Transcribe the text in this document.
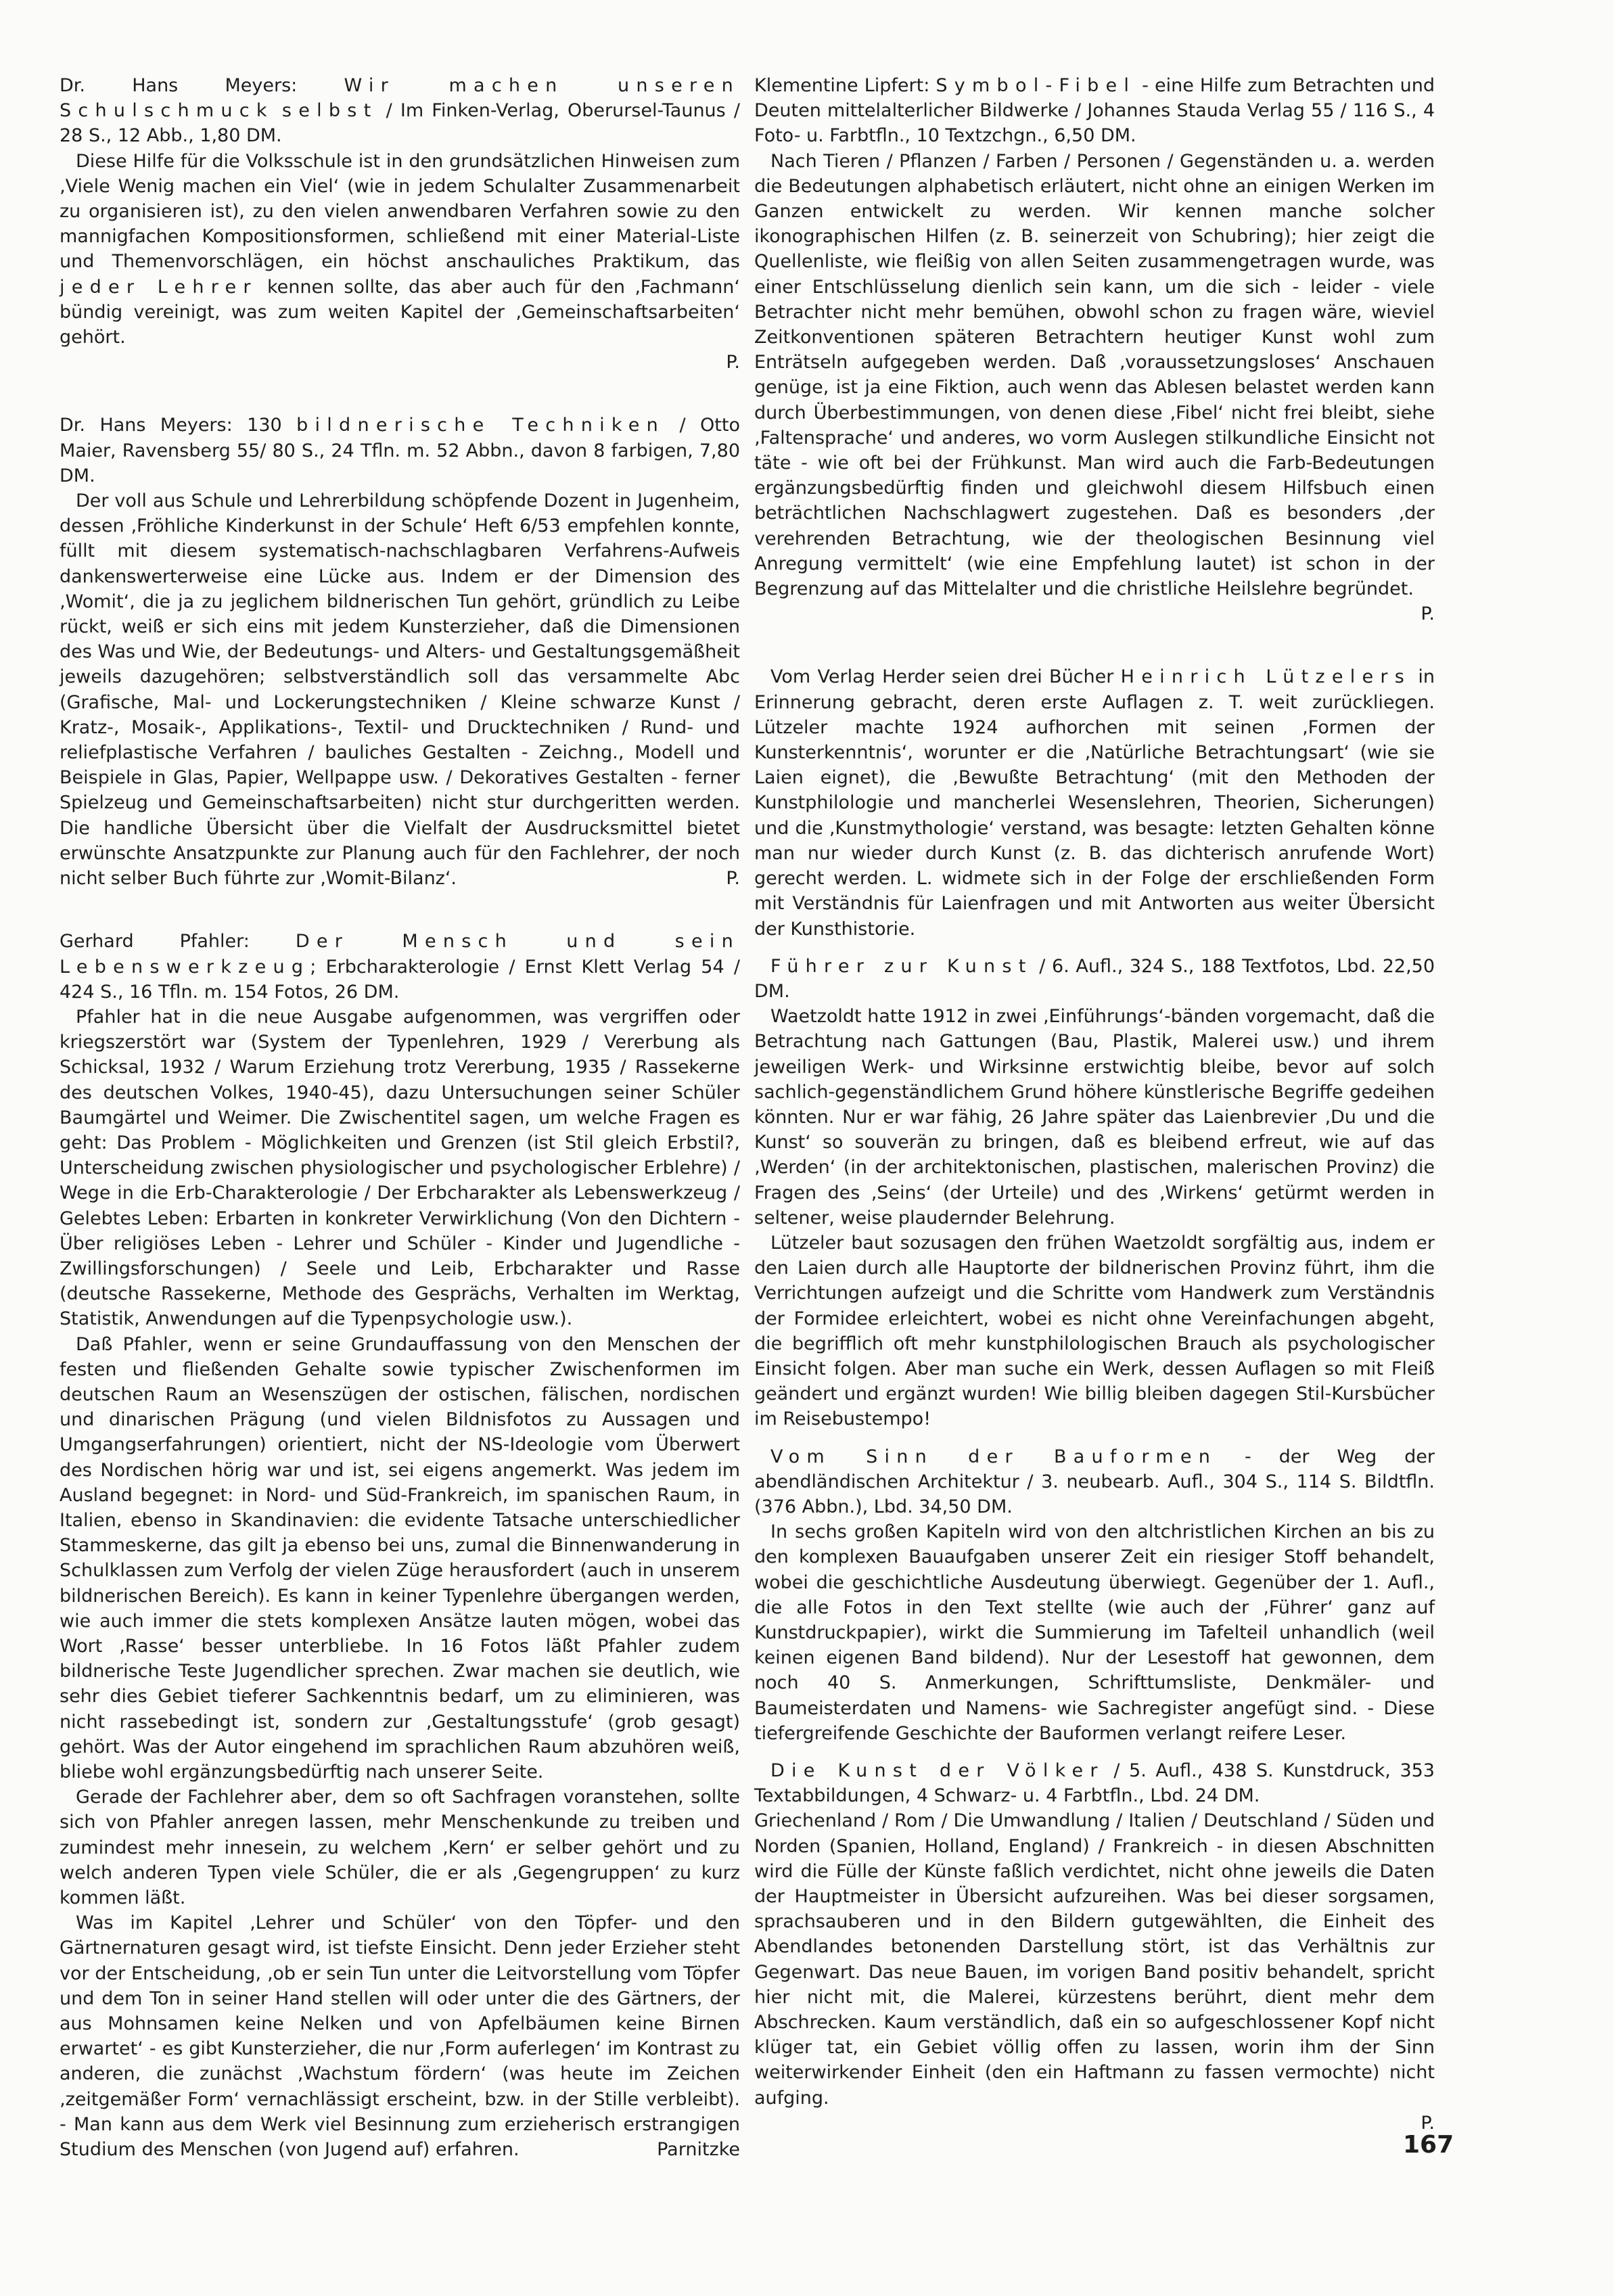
Dr. Hans Meyers:	Wir machen unseren Schulschmuck selbst / Im Finken-Verlag, Oberursel-Taunus / 28 S., 12 Abb., 1,80 DM.

Diese Hilfe für die Volksschule ist in den grundsätzlichen Hinweisen zum ‚Viele Wenig machen ein Viel‘ (wie in jedem Schulalter Zusammenarbeit zu organisieren ist), zu den vielen anwendbaren Verfahren sowie zu den mannigfachen Kompositionsformen, schließend mit einer Material-Liste und Themenvorschlägen, ein höchst anschauliches Praktikum, das jeder Lehrer kennen sollte, das aber auch für den ‚Fachmann‘ bündig vereinigt, was zum weiten Kapitel der ‚Gemeinschaftsarbeiten‘ gehört.

P.

Dr. Hans Meyers: 130 bildnerische Techniken / Otto Maier, Ravensberg 55/ 80 S., 24 Tfln. m. 52 Abbn., davon 8 farbigen, 7,80 DM.

Der voll aus Schule und Lehrerbildung schöpfende Dozent in Jugenheim, dessen ‚Fröhliche Kinderkunst in der Schule‘ Heft 6/53 empfehlen konnte, füllt mit diesem systematisch-nachschlagbaren Verfahrens-Aufweis dankenswerterweise eine Lücke aus. Indem er der Dimension des ‚Womit‘, die ja zu jeglichem bildnerischen Tun gehört, gründlich zu Leibe rückt, weiß er sich eins mit jedem Kunsterzieher, daß die Dimensionen des Was und Wie, der Bedeutungs- und Alters- und Gestaltungsgemäßheit jeweils dazugehören; selbstverständlich soll das versammelte Abc (Grafische, Mal- und Lockerungstechniken / Kleine schwarze Kunst / Kratz-, Mosaik-, Applikations-, Textil- und Drucktechniken / Rund- und reliefplastische Verfahren / bauliches Gestalten - Zeichng., Modell und Beispiele in Glas, Papier, Wellpappe usw. / Dekoratives Gestalten - ferner Spielzeug und Gemeinschaftsarbeiten) nicht stur durchgeritten werden. Die handliche Übersicht über die Vielfalt der Ausdrucksmittel bietet erwünschte Ansatzpunkte zur Planung auch für den Fachlehrer, der noch nicht selber Buch führte zur ‚Womit-Bilanz‘.	P.

Gerhard Pfahler:	Der Mensch und sein Lebenswerkzeug; Erbcharakterologie / Ernst Klett Verlag 54 / 424 S., 16 Tfln. m. 154 Fotos, 26 DM.

Pfahler hat in die neue Ausgabe aufgenommen, was vergriffen oder kriegszerstört war (System der Typenlehren, 1929 / Vererbung als Schicksal, 1932 / Warum Erziehung trotz Vererbung, 1935 / Rassekerne des deutschen Volkes, 1940-45), dazu Untersuchungen seiner Schüler Baumgärtel und Weimer. Die Zwischentitel sagen, um welche Fragen es geht: Das Problem - Möglichkeiten und Grenzen (ist Stil gleich Erbstil?, Unterscheidung zwischen physiologischer und psychologischer Erblehre) / Wege in die Erb-Charakterologie / Der Erbcharakter als Lebenswerkzeug / Gelebtes Leben: Erbarten in konkreter Verwirklichung (Von den Dichtern - Über religiöses Leben - Lehrer und Schüler - Kinder und Jugendliche - Zwillingsforschungen) / Seele und Leib, Erbcharakter und Rasse (deutsche Rassekerne, Methode des Gesprächs, Verhalten im Werktag, Statistik, Anwendungen auf die Typenpsychologie usw.).

Daß Pfahler, wenn er seine Grundauffassung von den Menschen der festen und fließenden Gehalte sowie typischer Zwischenformen im deutschen Raum an Wesenszügen der ostischen, fälischen, nordischen und dinarischen Prägung (und vielen Bildnisfotos zu Aussagen und Umgangserfahrungen) orientiert, nicht der NS-Ideologie vom Überwert des Nordischen hörig war und ist, sei eigens angemerkt. Was jedem im Ausland begegnet: in Nord- und Süd-Frankreich, im spanischen Raum, in Italien, ebenso in Skandinavien: die evidente Tatsache unterschiedlicher Stammeskerne, das gilt ja ebenso bei uns, zumal die Binnenwanderung in Schulklassen zum Verfolg der vielen Züge herausfordert (auch in unserem bildnerischen Bereich). Es kann in keiner Typenlehre übergangen werden, wie auch immer die stets komplexen Ansätze lauten mögen, wobei das Wort ‚Rasse‘ besser unterbliebe. In 16 Fotos läßt Pfahler zudem bildnerische Teste Jugendlicher sprechen. Zwar machen sie deutlich, wie sehr dies Gebiet tieferer Sachkenntnis bedarf, um zu eliminieren, was nicht rassebedingt ist, sondern zur ‚Gestaltungsstufe‘ (grob gesagt) gehört. Was der Autor eingehend im sprachlichen Raum abzuhören weiß, bliebe wohl ergänzungsbedürftig nach unserer Seite.

Gerade der Fachlehrer aber, dem so oft Sachfragen voranstehen, sollte sich von Pfahler anregen lassen, mehr Menschenkunde zu treiben und zumindest mehr innesein, zu welchem ‚Kern‘ er selber gehört und zu welch anderen Typen viele Schüler, die er als ‚Gegengruppen‘ zu kurz kommen läßt.

Was im Kapitel ‚Lehrer und Schüler‘ von den Töpfer- und den Gärtnernaturen gesagt wird, ist tiefste Einsicht. Denn jeder Erzieher steht vor der Entscheidung, ‚ob er sein Tun unter die Leitvorstellung vom Töpfer und dem Ton in seiner Hand stellen will oder unter die des Gärtners, der aus Mohnsamen keine Nelken und von Apfelbäumen keine Birnen erwartet‘ - es gibt Kunsterzieher, die nur ‚Form auferlegen‘ im Kontrast zu anderen, die zunächst ‚Wachstum fördern‘ (was heute im Zeichen ‚zeitgemäßer Form‘ vernachlässigt erscheint, bzw. in der Stille verbleibt). - Man kann aus dem Werk viel Besinnung zum erzieherisch erstrangigen Studium des Menschen (von Jugend auf) erfahren.	Parnitzke

Klementine Lipfert: Symbol-Fibel - eine Hilfe zum Betrachten und Deuten mittelalterlicher Bildwerke / Johannes Stauda Verlag 55 / 116 S., 4 Foto- u. Farbtfln., 10 Textzchgn., 6,50 DM.

Nach Tieren / Pflanzen / Farben / Personen / Gegenständen u. a. werden die Bedeutungen alphabetisch erläutert, nicht ohne an einigen Werken im Ganzen entwickelt zu werden. Wir kennen manche solcher ikonographischen Hilfen (z. B. seinerzeit von Schubring); hier zeigt die Quellenliste, wie fleißig von allen Seiten zusammengetragen wurde, was einer Entschlüsselung dienlich sein kann, um die sich - leider - viele Betrachter nicht mehr bemühen, obwohl schon zu fragen wäre, wieviel Zeitkonventionen späteren Betrachtern heutiger Kunst wohl zum Enträtseln aufgegeben werden. Daß ‚voraussetzungsloses‘ Anschauen genüge, ist ja eine Fiktion, auch wenn das Ablesen belastet werden kann durch Überbestimmungen, von denen diese ‚Fibel‘ nicht frei bleibt, siehe ‚Faltensprache‘ und anderes, wo vorm Auslegen stilkundliche Einsicht not täte - wie oft bei der Frühkunst. Man wird auch die Farb-Bedeutungen ergänzungsbedürftig finden und gleichwohl diesem Hilfsbuch einen beträchtlichen Nachschlagwert zugestehen. Daß es besonders ‚der verehrenden Betrachtung, wie der theologischen Besinnung viel Anregung vermittelt‘ (wie eine Empfehlung lautet) ist schon in der Begrenzung auf das Mittelalter und die christliche Heilslehre begründet.

P.

Vom Verlag Herder seien drei Bücher Heinrich Lützelers in Erinnerung gebracht, deren erste Auflagen z. T. weit zurückliegen. Lützeler machte 1924 aufhorchen mit seinen ‚Formen der Kunsterkenntnis‘, worunter er die ‚Natürliche Betrachtungsart‘ (wie sie Laien eignet), die ‚Bewußte Betrachtung‘ (mit den Methoden der Kunstphilologie und mancherlei Wesenslehren, Theorien, Sicherungen) und die ‚Kunstmythologie‘ verstand, was besagte: letzten Gehalten könne man nur wieder durch Kunst (z. B. das dichterisch anrufende Wort) gerecht werden. L. widmete sich in der Folge der erschließenden Form mit Verständnis für Laienfragen und mit Antworten aus weiter Übersicht der Kunsthistorie.

Führer zur Kunst / 6. Aufl., 324 S., 188 Textfotos, Lbd. 22,50 DM.

Waetzoldt hatte 1912 in zwei ‚Einführungs‘-bänden vorgemacht, daß die Betrachtung nach Gattungen (Bau, Plastik, Malerei usw.) und ihrem jeweiligen Werk- und Wirksinne erstwichtig bleibe, bevor auf solch sachlich-gegenständlichem Grund höhere künstlerische Begriffe gedeihen könnten. Nur er war fähig, 26 Jahre später das Laienbrevier ‚Du und die Kunst‘ so souverän zu bringen, daß es bleibend erfreut, wie auf das ‚Werden‘ (in der architektonischen, plastischen, malerischen Provinz) die Fragen des ‚Seins‘ (der Urteile) und des ‚Wirkens‘ getürmt werden in seltener, weise plaudernder Belehrung.

Lützeler baut sozusagen den frühen Waetzoldt sorgfältig aus, indem er den Laien durch alle Hauptorte der bildnerischen Provinz führt, ihm die Verrichtungen aufzeigt und die Schritte vom Handwerk zum Verständnis der Formidee erleichtert, wobei es nicht ohne Vereinfachungen abgeht, die begrifflich oft mehr kunstphilologischen Brauch als psychologischer Einsicht folgen. Aber man suche ein Werk, dessen Auflagen so mit Fleiß geändert und ergänzt wurden! Wie billig bleiben dagegen Stil-Kursbücher im Reisebustempo!

Vom Sinn der Bauformen - der Weg der abendländischen Architektur / 3. neubearb. Aufl., 304 S., 114 S. Bildtfln. (376 Abbn.), Lbd. 34,50 DM.

In sechs großen Kapiteln wird von den altchristlichen Kirchen an bis zu den komplexen Bauaufgaben unserer Zeit ein riesiger Stoff behandelt, wobei die geschichtliche Ausdeutung überwiegt. Gegenüber der 1. Aufl., die alle Fotos in den Text stellte (wie auch der ‚Führer‘ ganz auf Kunstdruckpapier), wirkt die Summierung im Tafelteil unhandlich (weil keinen eigenen Band bildend). Nur der Lesestoff hat gewonnen, dem noch 40 S. Anmerkungen, Schrifttumsliste, Denkmäler- und Baumeisterdaten und Namens- wie Sachregister angefügt sind. - Diese tiefergreifende Geschichte der Bauformen verlangt reifere Leser.

Die Kunst der Völker / 5. Aufl., 438 S. Kunstdruck, 353 Textabbildungen, 4 Schwarz- u. 4 Farbtfln., Lbd. 24 DM.

Griechenland / Rom / Die Umwandlung / Italien / Deutschland / Süden und Norden (Spanien, Holland, England) / Frankreich - in diesen Abschnitten wird die Fülle der Künste faßlich verdichtet, nicht ohne jeweils die Daten der Hauptmeister in Übersicht aufzureihen. Was bei dieser sorgsamen, sprachsauberen und in den Bildern gutgewählten, die Einheit des Abendlandes betonenden Darstellung stört, ist das Verhältnis zur Gegenwart. Das neue Bauen, im vorigen Band positiv behandelt, spricht hier nicht mit, die Malerei, kürzestens berührt, dient mehr dem Abschrecken. Kaum verständlich, daß ein so aufgeschlossener Kopf nicht klüger tat, ein Gebiet völlig offen zu lassen, worin ihm der Sinn weiterwirkender Einheit (den ein Haftmann zu fassen vermochte) nicht aufging.

P.
167
